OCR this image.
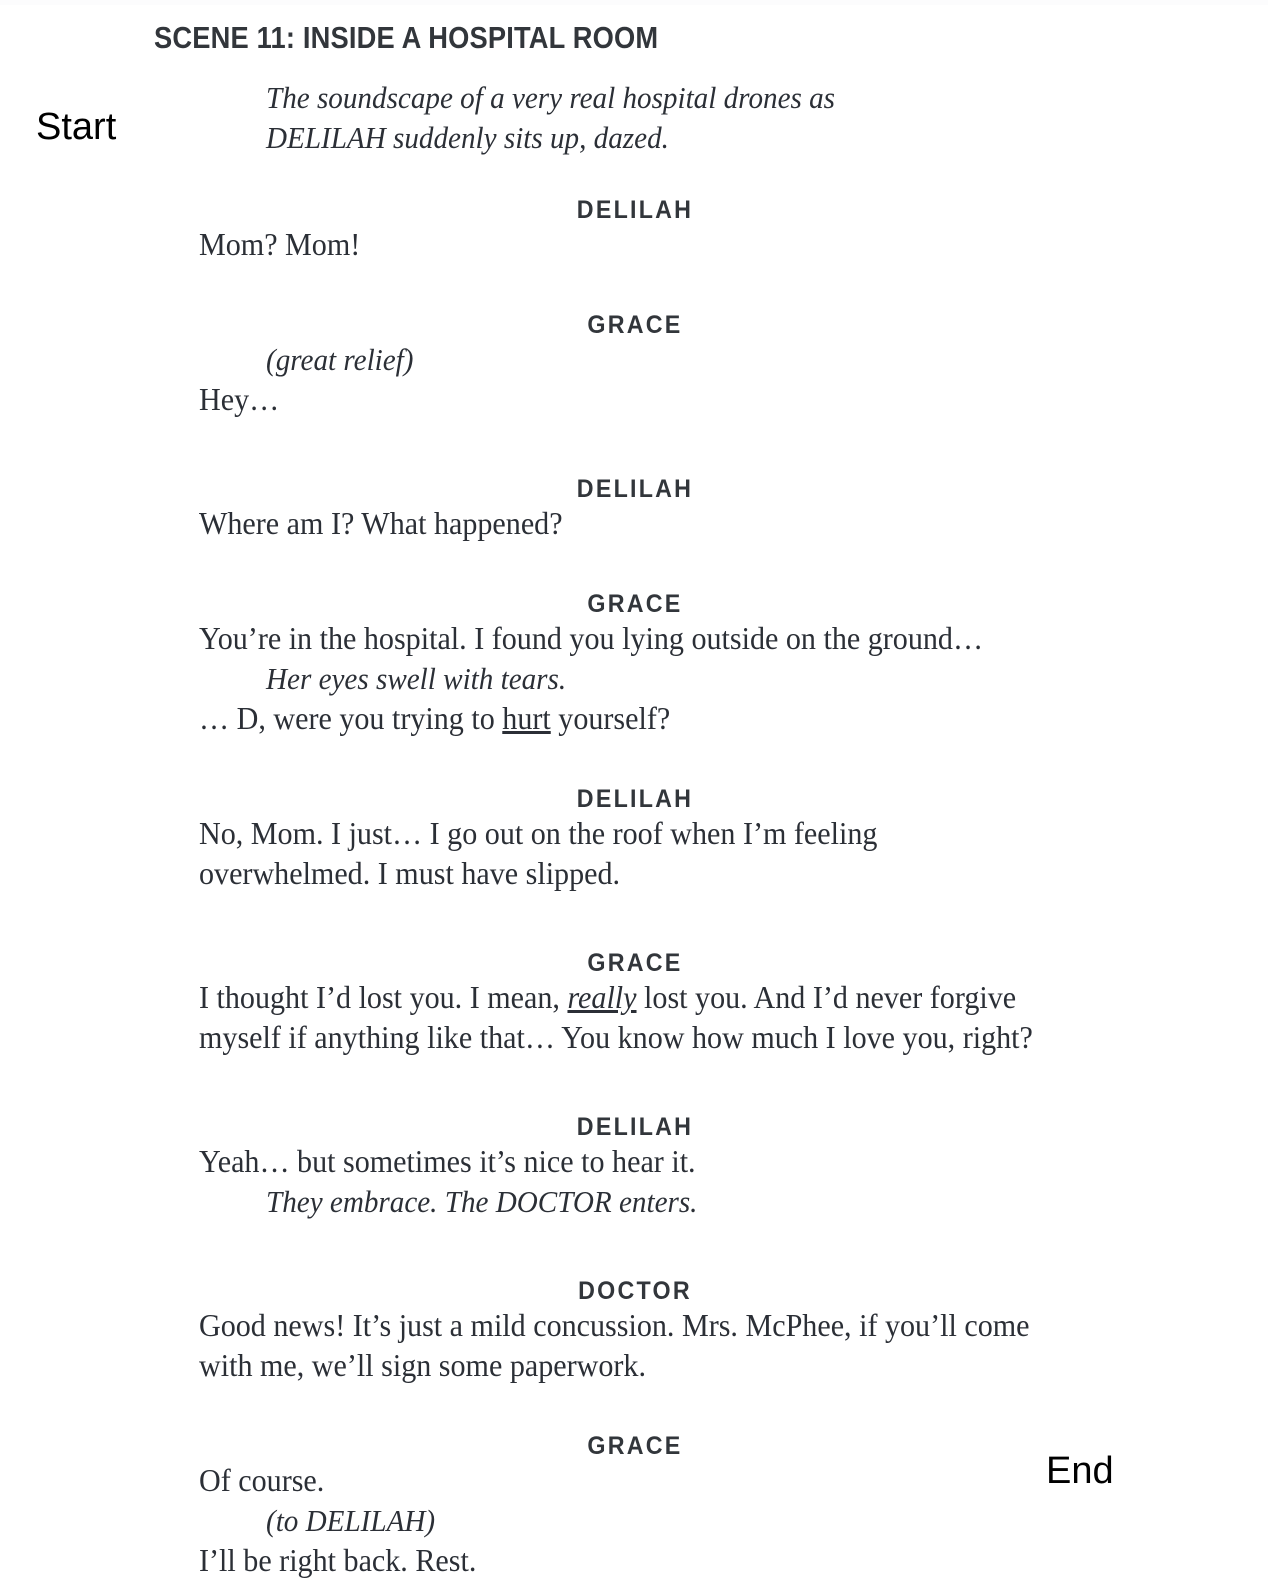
SCENE 11: INSIDE A HOSPITAL ROOM

The soundscape of a very real hospital drones as DELILAH suddenly sits up, dazed.

DELILAH

Mom? Mom!

GRACE

(great relief)

Hey…

DELILAH

Where am I? What happened?

GRACE

You’re in the hospital. I found you lying outside on the ground…

Her eyes swell with tears.

… D, were you trying to hurt yourself?

DELILAH

No, Mom. I just… I go out on the roof when I’m feeling overwhelmed. I must have slipped.

GRACE

I thought I’d lost you. I mean, really lost you. And I’d never forgive myself if anything like that… You know how much I love you, right?

DELILAH

Yeah… but sometimes it’s nice to hear it.

They embrace. The DOCTOR enters.

DOCTOR

Good news! It’s just a mild concussion. Mrs. McPhee, if you’ll come with me, we’ll sign some paperwork.

GRACE

Of course.

(to DELILAH)

I’ll be right back. Rest.

Start
End
